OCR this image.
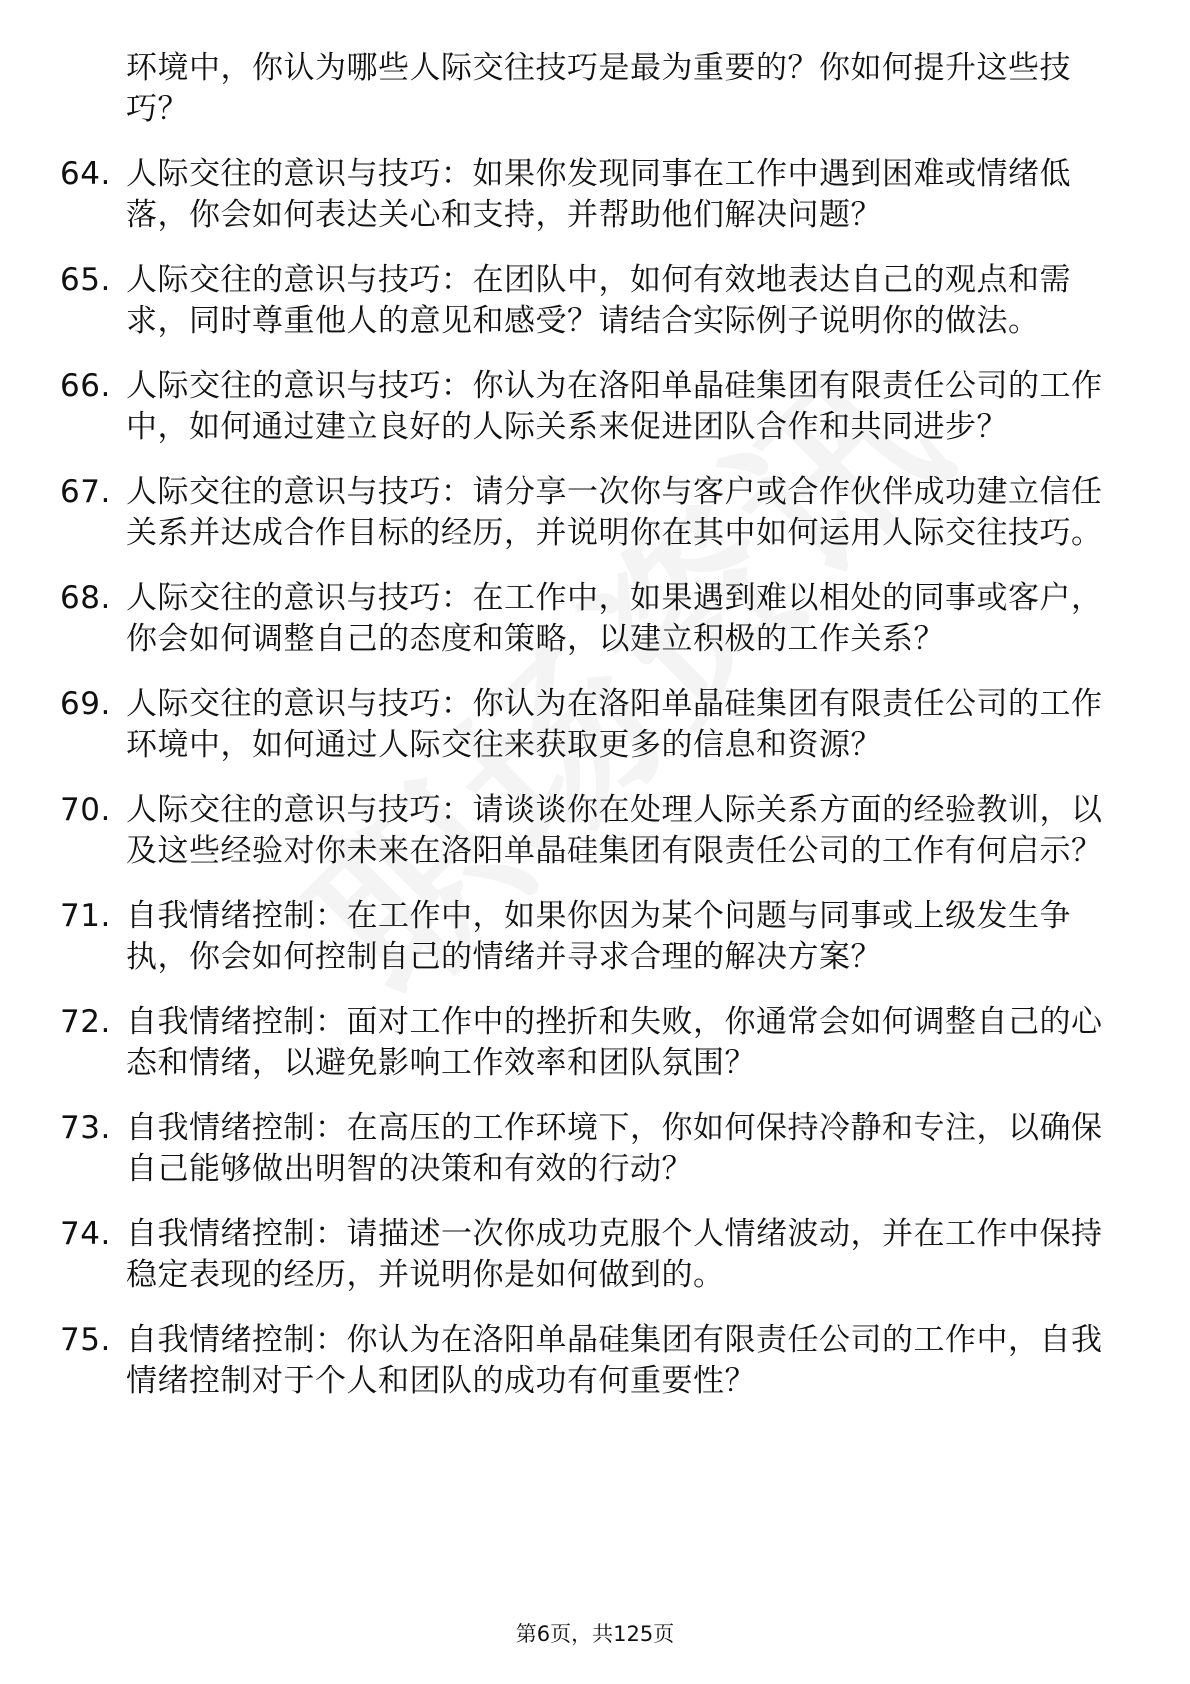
环境中，你认为哪些人际交往技巧是最为重要的？你如何提升这些技巧？
64. 人际交往的意识与技巧：如果你发现同事在工作中遇到困难或情绪低落，你会如何表达关心和支持，并帮助他们解决问题？
65. 人际交往的意识与技巧：在团队中，如何有效地表达自己的观点和需求，同时尊重他人的意见和感受？请结合实际例子说明你的做法。
66. 人际交往的意识与技巧：你认为在洛阳单晶硅集团有限责任公司的工作中，如何通过建立良好的人际关系来促进团队合作和共同进步？
67. 人际交往的意识与技巧：请分享一次你与客户或合作伙伴成功建立信任关系并达成合作目标的经历，并说明你在其中如何运用人际交往技巧。
68. 人际交往的意识与技巧：在工作中，如果遇到难以相处的同事或客户，你会如何调整自己的态度和策略，以建立积极的工作关系？
69. 人际交往的意识与技巧：你认为在洛阳单晶硅集团有限责任公司的工作环境中，如何通过人际交往来获取更多的信息和资源？
70. 人际交往的意识与技巧：请谈谈你在处理人际关系方面的经验教训，以及这些经验对你未来在洛阳单晶硅集团有限责任公司的工作有何启示？
71. 自我情绪控制：在工作中，如果你因为某个问题与同事或上级发生争执，你会如何控制自己的情绪并寻求合理的解决方案？
72. 自我情绪控制：面对工作中的挫折和失败，你通常会如何调整自己的心态和情绪，以避免影响工作效率和团队氛围？
73. 自我情绪控制：在高压的工作环境下，你如何保持冷静和专注，以确保自己能够做出明智的决策和有效的行动？
74. 自我情绪控制：请描述一次你成功克服个人情绪波动，并在工作中保持稳定表现的经历，并说明你是如何做到的。
75. 自我情绪控制：你认为在洛阳单晶硅集团有限责任公司的工作中，自我情绪控制对于个人和团队的成功有何重要性？
第6页，共125页
